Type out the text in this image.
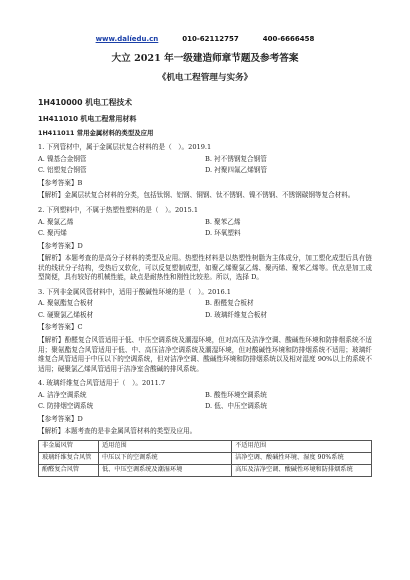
www.dalíedu.cn	010-62112757	400-6666458
大立 2021 年一级建造师章节题及参考答案
《机电工程管理与实务》
1H410000 机电工程技术
1H411010 机电工程常用材料
1H411011 常用金属材料的类型及应用
1. 下列管材中，属于金属层状复合材料的是（　）。2019.1
A. 镍基合金钢管	B. 衬不锈钢复合钢管
C. 铝塑复合钢管	D. 衬聚四氟乙烯钢管
【参考答案】B
【解析】金属层状复合材料的分类，包括钛钢、铝钢、铜钢、钛不锈钢、镍不锈钢、不锈钢碳钢等复合材料。
2. 下列塑料中，不属于热塑性塑料的是（　）。2015.1
A. 聚氯乙烯	B. 聚苯乙烯
C. 聚丙烯	D. 环氧塑料
【参考答案】D
【解析】本题考查的是高分子材料的类型及应用。热塑性材料是以热塑性树脂为主体成分，加工塑化成型后具有链状的线状分子结构，受热后又软化，可以反复塑制成型，如聚乙烯聚氯乙烯、聚丙烯、聚苯乙烯等。优点是加工成型简便，具有较好的机械性能，缺点是耐热性和刚性比较差。所以，选择 D。
3. 下列非金属风管材料中，适用于酸碱性环境的是（　）。2016.1
A. 聚氨酯复合板材	B. 酚醛复合板材
C. 硬聚氯乙烯板材	D. 玻璃纤维复合板材
【参考答案】C
【解析】酚醛复合风管适用于低、中压空调系统及潮湿环境，但对高压及洁净空调、酸碱性环境和防排烟系统不适用；聚氨酯复合风管适用于低、中、高压洁净空调系统及潮湿环境，但对酸碱性环境和防排烟系统不适用；玻璃纤维复合风管适用于中压以下的空调系统，但对洁净空调、酸碱性环境和防排烟系统以及相对湿度 90%以上的系统不适用；硬聚氯乙烯风管适用于洁净室含酸碱的排风系统。
4. 玻璃纤维复合风管适用于（　）。2011.7
A. 洁净空调系统	B. 酸性环境空调系统
C. 防排烟空调系统	D. 低、中压空调系统
【参考答案】D
【解析】本题考查的是非金属风管材料的类型及应用。
非金属风管	适用范围	不适用范围
玻璃纤维复合风管	中压以下的空调系统	洁净空调、酸碱性环境、湿度 90%系统
酚醛复合风管	低、中压空调系统及潮湿环境	高压及洁净空调、酸碱性环境和防排烟系统
